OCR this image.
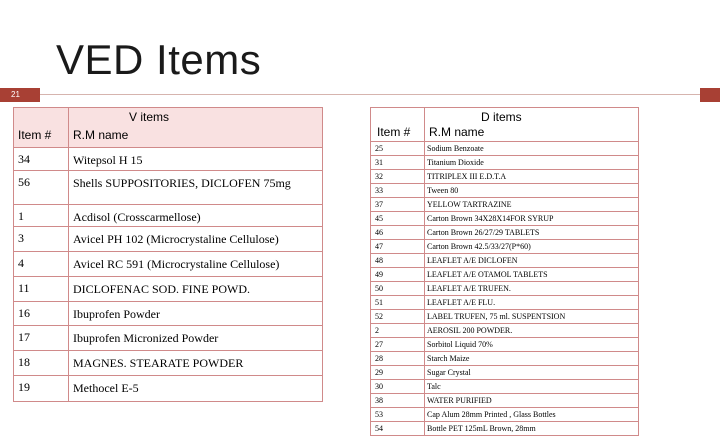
VED Items
21
Item #	V items
R.M name
34	Witepsol H 15
56	Shells SUPPOSITORIES, DICLOFEN 75mg
1	Acdisol (Crosscarmellose)
3	Avicel PH 102 (Microcrystaline Cellulose)
4	Avicel RC 591 (Microcrystaline Cellulose)
11	DICLOFENAC SOD. FINE POWD.
16	Ibuprofen Powder
17	Ibuprofen Micronized Powder
18	MAGNES. STEARATE POWDER
19	Methocel E-5
Item #	D items
R.M name
25	Sodium Benzoate
31	Titanium Dioxide
32	TITRIPLEX III E.D.T.A
33	Tween 80
37	YELLOW TARTRAZINE
45	Carton Brown 34X28X14FOR SYRUP
46	Carton Brown 26/27/29 TABLETS
47	Carton Brown 42.5/33/27(P*60)
48	LEAFLET A/E DICLOFEN
49	LEAFLET A/E OTAMOL TABLETS
50	LEAFLET A/E TRUFEN.
51	LEAFLET A/E FLU.
52	LABEL TRUFEN, 75 ml. SUSPENTSION
2	AEROSIL 200 POWDER.
27	Sorbitol Liquid 70%
28	Starch Maize
29	Sugar Crystal
30	Talc
38	WATER PURIFIED
53	Cap Alum 28mm Printed , Glass Bottles
54	Bottle PET 125mL Brown, 28mm
